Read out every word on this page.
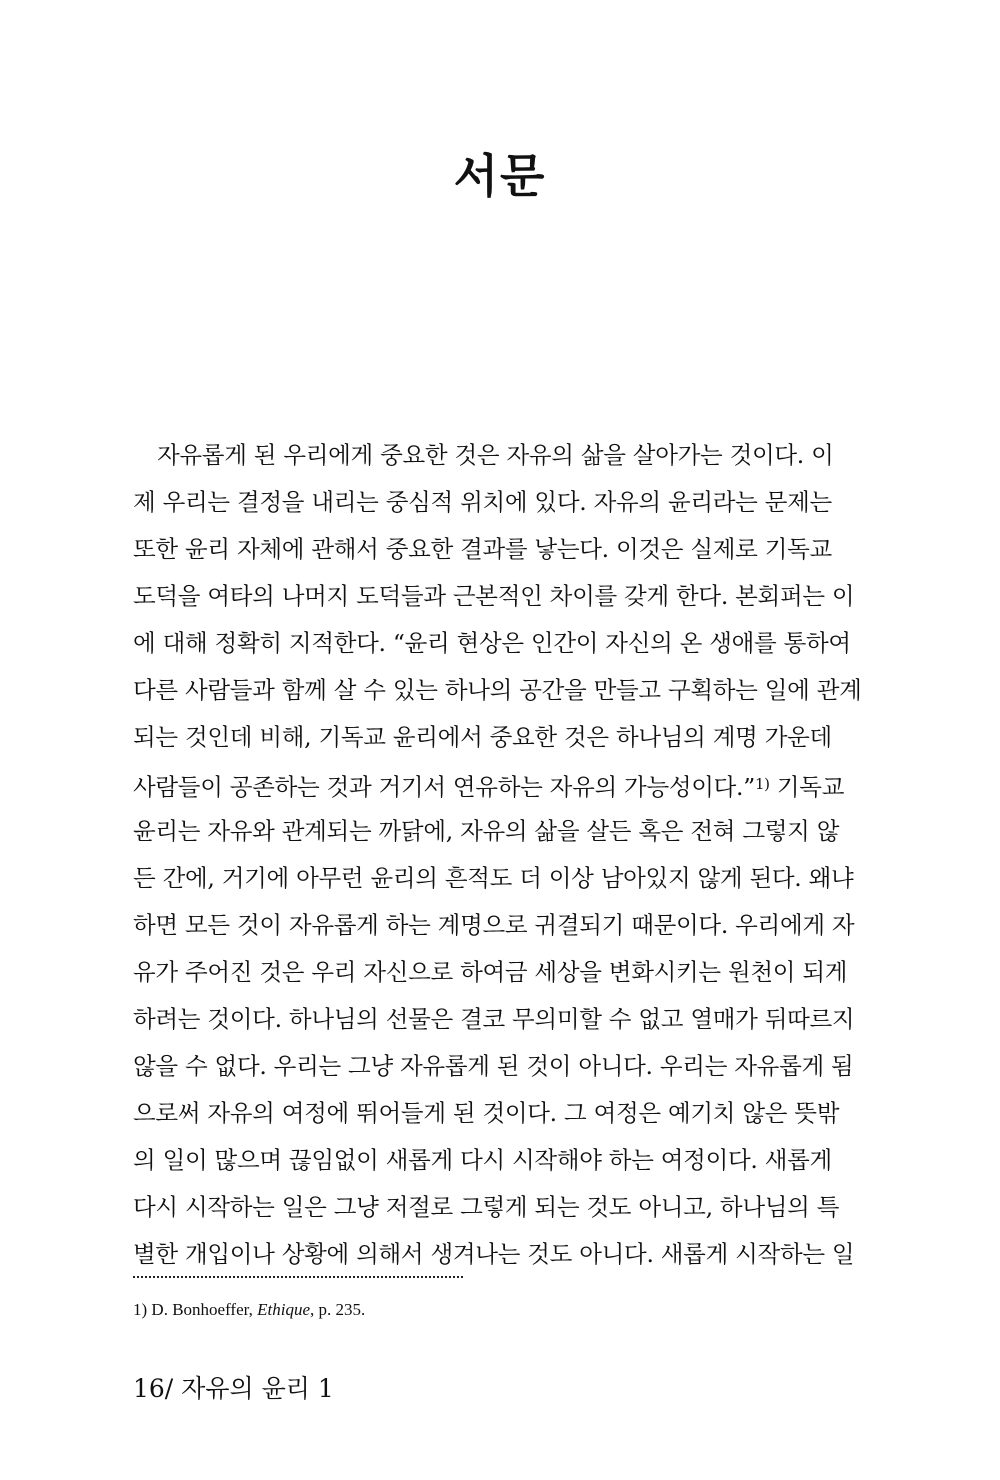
서문
자유롭게 된 우리에게 중요한 것은 자유의 삶을 살아가는 것이다. 이
제 우리는 결정을 내리는 중심적 위치에 있다. 자유의 윤리라는 문제는
또한 윤리 자체에 관해서 중요한 결과를 낳는다. 이것은 실제로 기독교
도덕을 여타의 나머지 도덕들과 근본적인 차이를 갖게 한다. 본회퍼는 이
에 대해 정확히 지적한다. “윤리 현상은 인간이 자신의 온 생애를 통하여
다른 사람들과 함께 살 수 있는 하나의 공간을 만들고 구획하는 일에 관계
되는 것인데 비해, 기독교 윤리에서 중요한 것은 하나님의 계명 가운데
사람들이 공존하는 것과 거기서 연유하는 자유의 가능성이다.”$^{1)}$ 기독교
윤리는 자유와 관계되는 까닭에, 자유의 삶을 살든 혹은 전혀 그렇지 않
든 간에, 거기에 아무런 윤리의 흔적도 더 이상 남아있지 않게 된다. 왜냐
하면 모든 것이 자유롭게 하는 계명으로 귀결되기 때문이다. 우리에게 자
유가 주어진 것은 우리 자신으로 하여금 세상을 변화시키는 원천이 되게
하려는 것이다. 하나님의 선물은 결코 무의미할 수 없고 열매가 뒤따르지
않을 수 없다. 우리는 그냥 자유롭게 된 것이 아니다. 우리는 자유롭게 됨
으로써 자유의 여정에 뛰어들게 된 것이다. 그 여정은 예기치 않은 뜻밖
의 일이 많으며 끊임없이 새롭게 다시 시작해야 하는 여정이다. 새롭게
다시 시작하는 일은 그냥 저절로 그렇게 되는 것도 아니고, 하나님의 특
별한 개입이나 상황에 의해서 생겨나는 것도 아니다. 새롭게 시작하는 일
1) D. Bonhoeffer, Ethique, p. 235.
16/ 자유의 윤리 1
